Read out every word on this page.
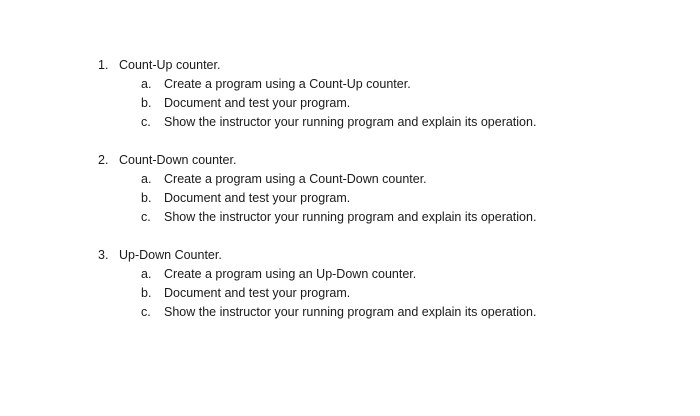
1. Count-Up counter.
a. Create a program using a Count-Up counter.
b. Document and test your program.
c. Show the instructor your running program and explain its operation.
2. Count-Down counter.
a. Create a program using a Count-Down counter.
b. Document and test your program.
c. Show the instructor your running program and explain its operation.
3. Up-Down Counter.
a. Create a program using an Up-Down counter.
b. Document and test your program.
c. Show the instructor your running program and explain its operation.
